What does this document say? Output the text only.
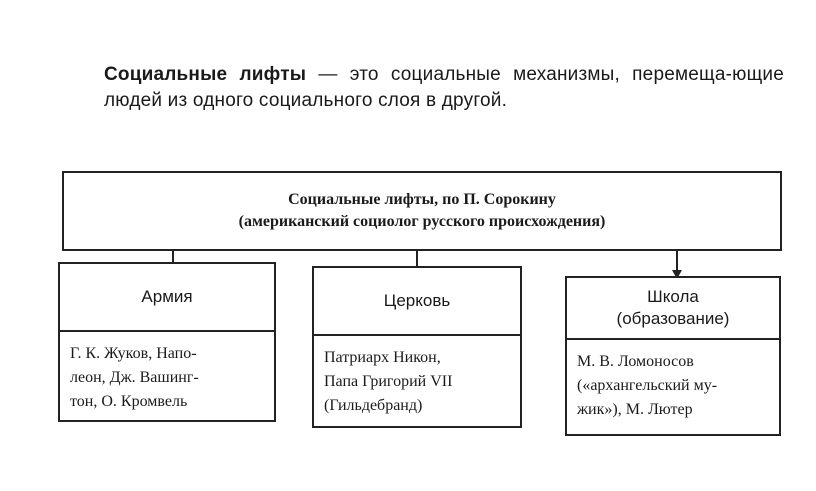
Социальные лифты — это социальные механизмы, перемеща-ющие людей из одного социального слоя в другой.
Социальные лифты, по П. Сорокину
(американский социолог русского происхождения)
Армия
Г. К. Жуков, Напо-
леон, Дж. Вашинг-
тон, О. Кромвель
Церковь
Патриарх Никон,
Папа Григорий VII
(Гильдебранд)
Школа
(образование)
М. В. Ломоносов
(«архангельский му-
жик»), М. Лютер
